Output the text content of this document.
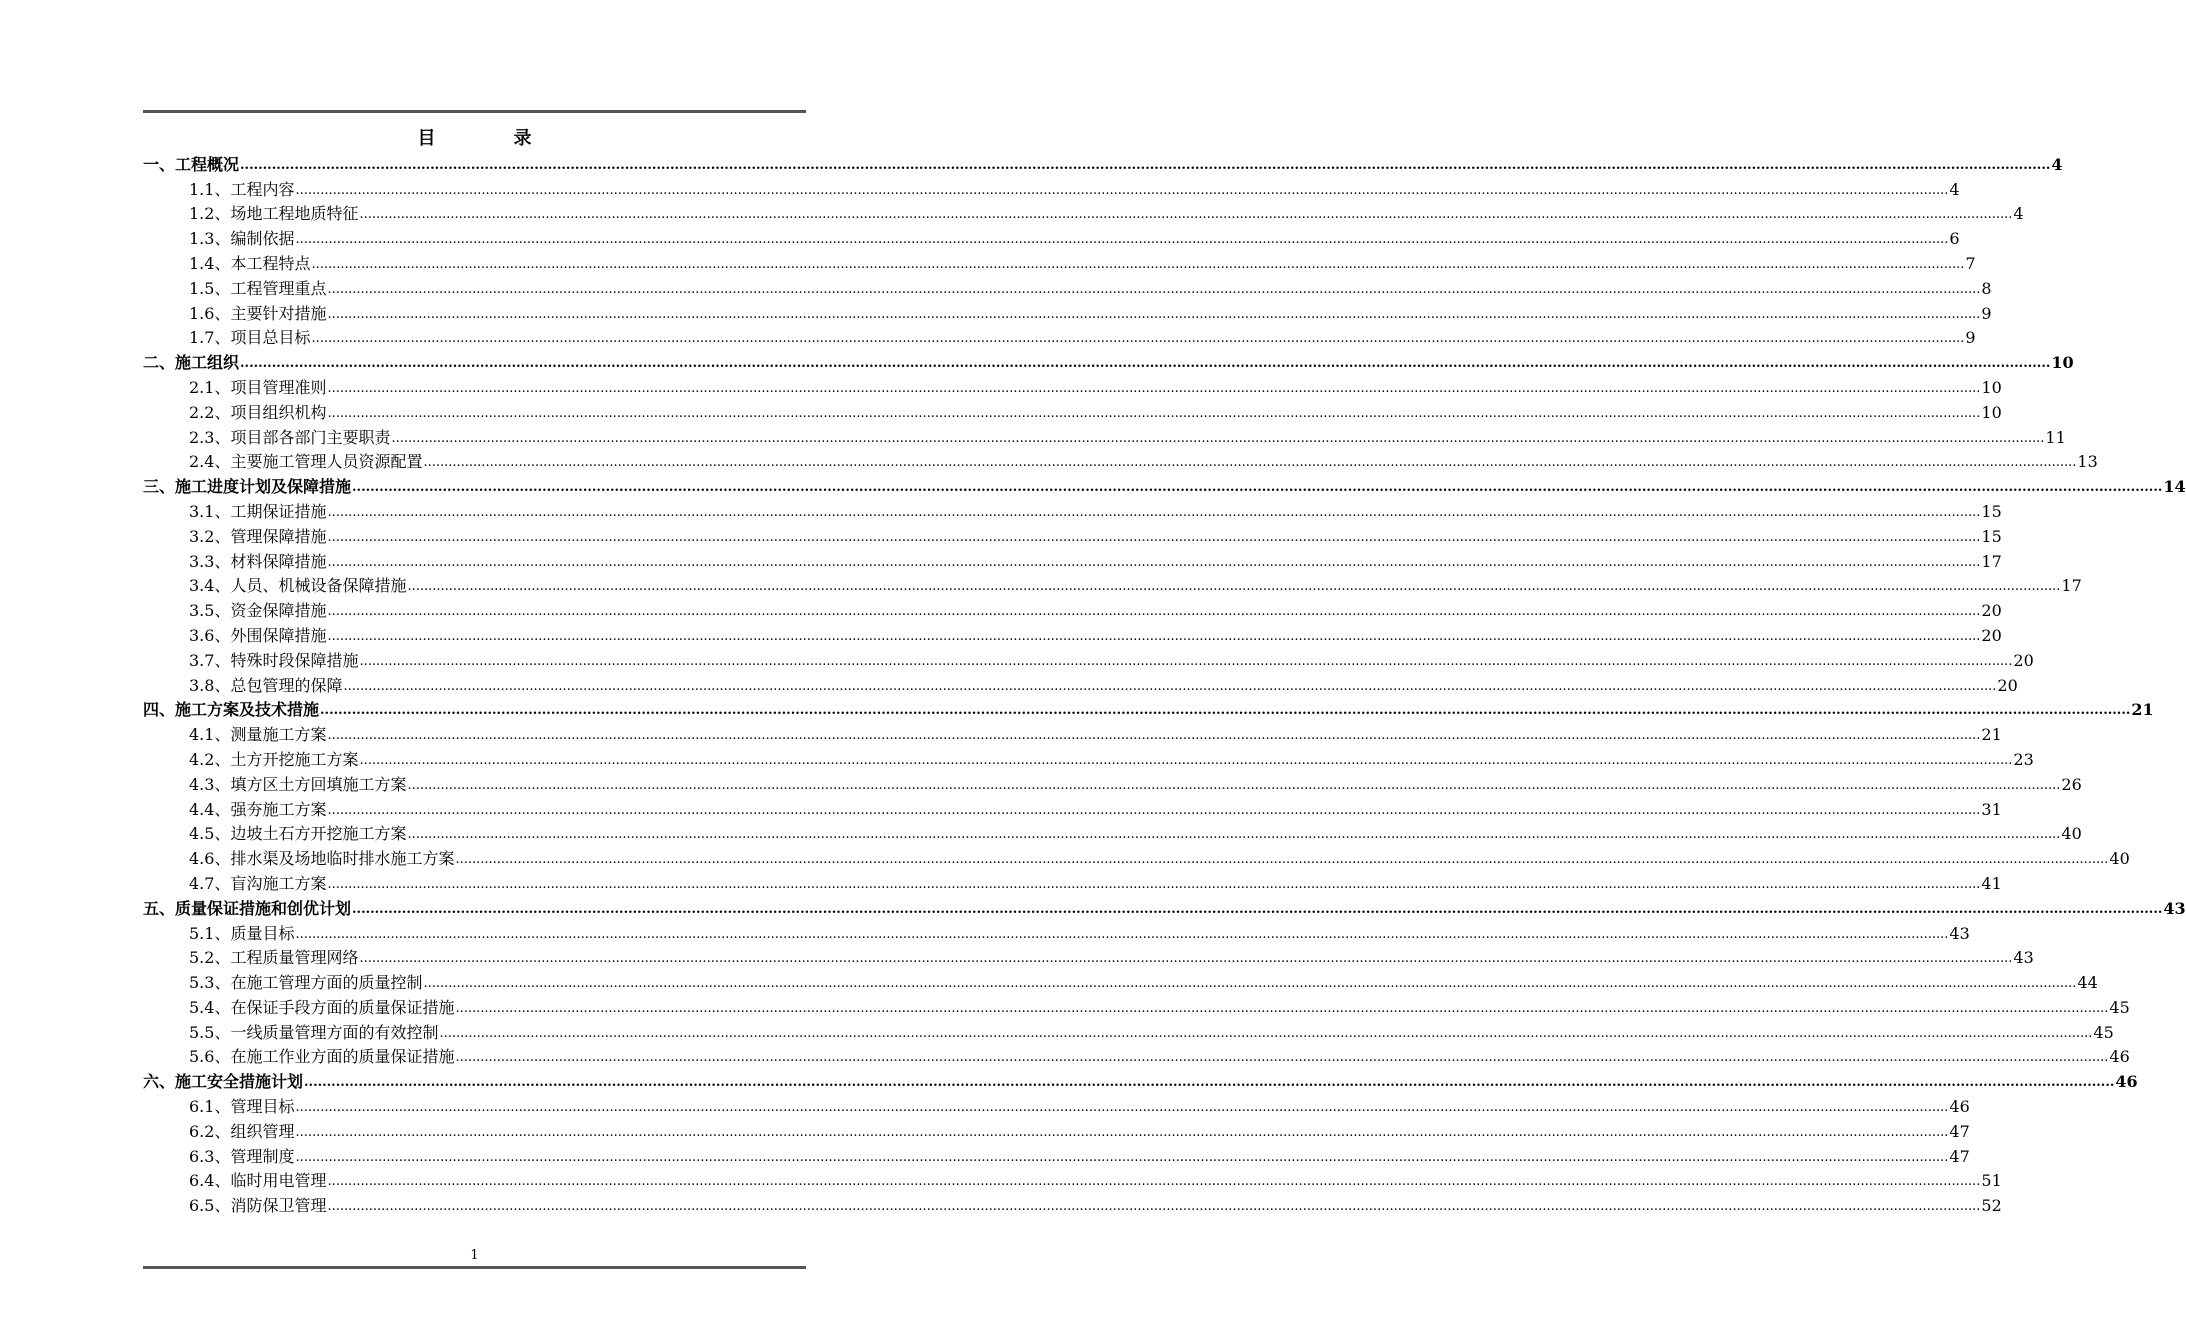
目　录
一、工程概况 ................................................................................................................................................................................................................................................................................................................................................................................................................ 4
1.1、工程内容 ................................................................................................................................................................................................................................................................................................................................................................................................................ 4
1.2、场地工程地质特征 ................................................................................................................................................................................................................................................................................................................................................................................................................ 4
1.3、编制依据 ................................................................................................................................................................................................................................................................................................................................................................................................................ 6
1.4、本工程特点 ................................................................................................................................................................................................................................................................................................................................................................................................................ 7
1.5、工程管理重点 ................................................................................................................................................................................................................................................................................................................................................................................................................ 8
1.6、主要针对措施 ................................................................................................................................................................................................................................................................................................................................................................................................................ 9
1.7、项目总目标 ................................................................................................................................................................................................................................................................................................................................................................................................................ 9
二、施工组织 ................................................................................................................................................................................................................................................................................................................................................................................................................ 10
2.1、项目管理准则 ................................................................................................................................................................................................................................................................................................................................................................................................................ 10
2.2、项目组织机构 ................................................................................................................................................................................................................................................................................................................................................................................................................ 10
2.3、项目部各部门主要职责 ................................................................................................................................................................................................................................................................................................................................................................................................................ 11
2.4、主要施工管理人员资源配置 ................................................................................................................................................................................................................................................................................................................................................................................................................ 13
三、施工进度计划及保障措施 ................................................................................................................................................................................................................................................................................................................................................................................................................ 14
3.1、工期保证措施 ................................................................................................................................................................................................................................................................................................................................................................................................................ 15
3.2、管理保障措施 ................................................................................................................................................................................................................................................................................................................................................................................................................ 15
3.3、材料保障措施 ................................................................................................................................................................................................................................................................................................................................................................................................................ 17
3.4、人员、机械设备保障措施 ................................................................................................................................................................................................................................................................................................................................................................................................................ 17
3.5、资金保障措施 ................................................................................................................................................................................................................................................................................................................................................................................................................ 20
3.6、外围保障措施 ................................................................................................................................................................................................................................................................................................................................................................................................................ 20
3.7、特殊时段保障措施 ................................................................................................................................................................................................................................................................................................................................................................................................................ 20
3.8、总包管理的保障 ................................................................................................................................................................................................................................................................................................................................................................................................................ 20
四、施工方案及技术措施 ................................................................................................................................................................................................................................................................................................................................................................................................................ 21
4.1、测量施工方案 ................................................................................................................................................................................................................................................................................................................................................................................................................ 21
4.2、土方开挖施工方案 ................................................................................................................................................................................................................................................................................................................................................................................................................ 23
4.3、填方区土方回填施工方案 ................................................................................................................................................................................................................................................................................................................................................................................................................ 26
4.4、强夯施工方案 ................................................................................................................................................................................................................................................................................................................................................................................................................ 31
4.5、边坡土石方开挖施工方案 ................................................................................................................................................................................................................................................................................................................................................................................................................ 40
4.6、排水渠及场地临时排水施工方案 ................................................................................................................................................................................................................................................................................................................................................................................................................ 40
4.7、盲沟施工方案 ................................................................................................................................................................................................................................................................................................................................................................................................................ 41
五、质量保证措施和创优计划 ................................................................................................................................................................................................................................................................................................................................................................................................................ 43
5.1、质量目标 ................................................................................................................................................................................................................................................................................................................................................................................................................ 43
5.2、工程质量管理网络 ................................................................................................................................................................................................................................................................................................................................................................................................................ 43
5.3、在施工管理方面的质量控制 ................................................................................................................................................................................................................................................................................................................................................................................................................ 44
5.4、在保证手段方面的质量保证措施 ................................................................................................................................................................................................................................................................................................................................................................................................................ 45
5.5、一线质量管理方面的有效控制 ................................................................................................................................................................................................................................................................................................................................................................................................................ 45
5.6、在施工作业方面的质量保证措施 ................................................................................................................................................................................................................................................................................................................................................................................................................ 46
六、施工安全措施计划 ................................................................................................................................................................................................................................................................................................................................................................................................................ 46
6.1、管理目标 ................................................................................................................................................................................................................................................................................................................................................................................................................ 46
6.2、组织管理 ................................................................................................................................................................................................................................................................................................................................................................................................................ 47
6.3、管理制度 ................................................................................................................................................................................................................................................................................................................................................................................................................ 47
6.4、临时用电管理 ................................................................................................................................................................................................................................................................................................................................................................................................................ 51
6.5、消防保卫管理 ................................................................................................................................................................................................................................................................................................................................................................................................................ 52
1
